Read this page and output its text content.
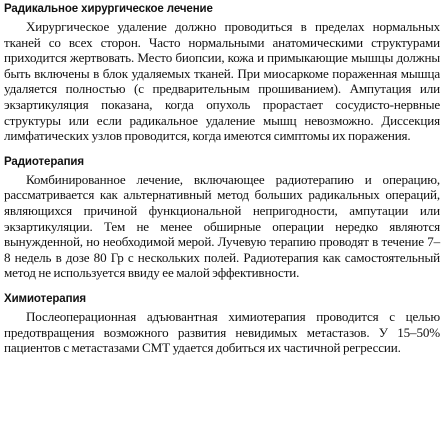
Радикальное хирургическое лечение

Хирургическое удаление должно проводиться в пределах нормальных тканей со всех сторон. Часто нормальными анатомическими структурами приходится жертвовать. Место биопсии, кожа и примыкающие мышцы должны быть включены в блок удаляемых тканей. При миосаркоме пораженная мышца удаляется полностью (с предварительным прошиванием). Ампутация или экзартикуляция показана, когда опухоль прорастает сосудисто-нервные структуры или если радикальное удаление мышц невозможно. Диссекция лимфатических узлов проводится, когда имеются симптомы их поражения.

Радиотерапия

Комбинированное лечение, включающее радиотерапию и операцию, рассматривается как альтернативный метод больших радикальных операций, являющихся причиной функциональной непригодности, ампутации или экзартикуляции. Тем не менее обширные операции нередко являются вынужденной, но необходимой мерой. Лучевую терапию проводят в течение 7–8 недель в дозе 80 Гр с нескольких полей. Радиотерапия как самостоятельный метод не используется ввиду ее малой эффективности.

Химиотерапия

Послеоперационная адъювантная химиотерапия проводится с целью предотвращения возможного развития невидимых метастазов. У 15–50% пациентов с метастазами СМТ удается добиться их частичной регрессии.
